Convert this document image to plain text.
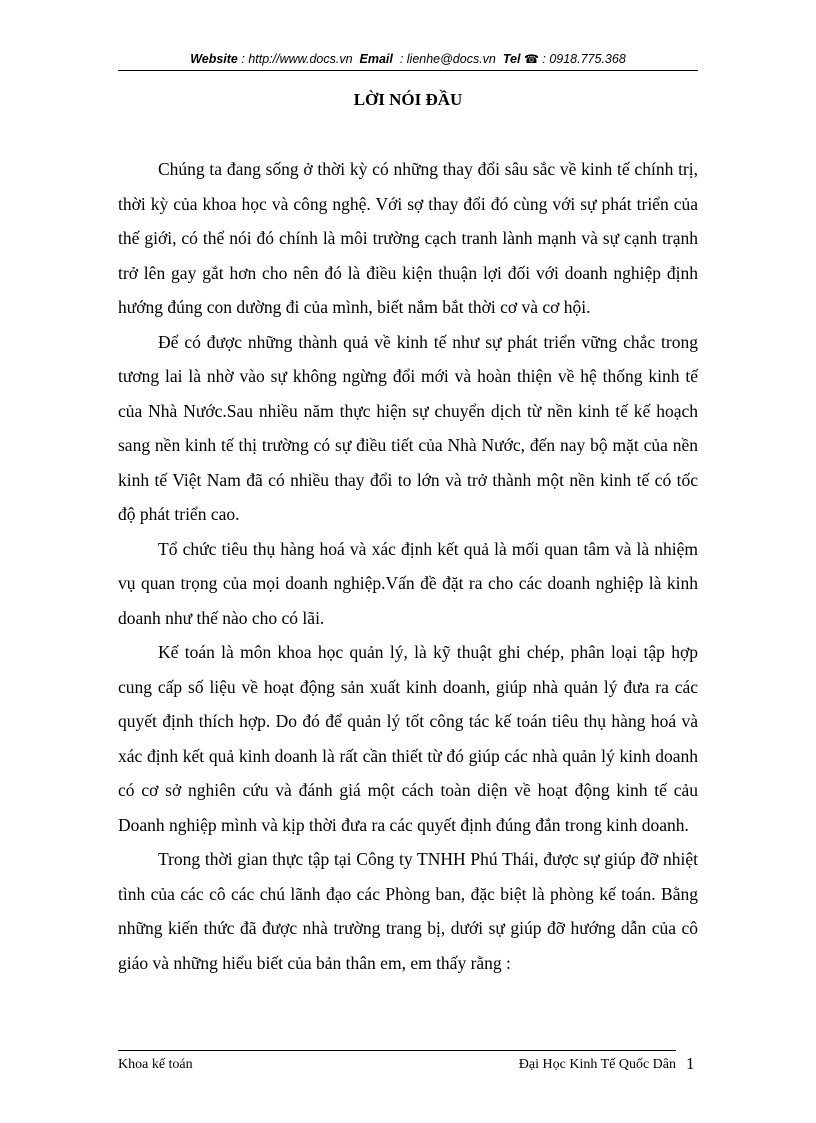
Website : http://www.docs.vn Email : lienhe@docs.vn Tel ☎ : 0918.775.368
LỜI NÓI ĐẦU

Chúng ta đang sống ở thời kỳ có những thay đổi sâu sắc về kinh tế chính trị, thời kỳ của khoa học và công nghệ. Với sợ thay đổi đó cùng với sự phát triển của thế giới, có thể nói đó chính là môi trường cạch tranh lành mạnh và sự cạnh trạnh trở lên gay gắt hơn cho nên đó là điều kiện thuận lợi đối với doanh nghiệp định hướng đúng con dường đi của mình, biết nắm bắt thời cơ và cơ hội.

Để có được những thành quả về kinh tế như sự phát triển vững chắc trong tương lai là nhờ vào sự không ngừng đổi mới và hoàn thiện về hệ thống kinh tế của Nhà Nước.Sau nhiều năm thực hiện sự chuyển dịch từ nền kinh tế kế hoạch sang nền kinh tế thị trường có sự điều tiết của Nhà Nước, đến nay bộ mặt của nền kinh tế Việt Nam đã có nhiều thay đổi to lớn và trở thành một nền kinh tế có tốc độ phát triển cao.

Tổ chức tiêu thụ hàng hoá và xác định kết quả là mối quan tâm và là nhiệm vụ quan trọng của mọi doanh nghiệp.Vấn đề đặt ra cho các doanh nghiệp là kinh doanh như thế nào cho có lãi.

Kế toán là môn khoa học quản lý, là kỹ thuật ghi chép, phân loại tập hợp cung cấp số liệu về hoạt động sản xuất kinh doanh, giúp nhà quản lý đưa ra các quyết định thích hợp. Do đó để quản lý tốt công tác kế toán tiêu thụ hàng hoá và xác định kết quả kinh doanh là rất cần thiết từ đó giúp các nhà quản lý kinh doanh có cơ sở nghiên cứu và đánh giá một cách toàn diện về hoạt động kinh tế cảu Doanh nghiệp mình và kịp thời đưa ra các quyết định đúng đắn trong kinh doanh.

Trong thời gian thực tập tại Công ty TNHH Phú Thái, được sự giúp đỡ nhiệt tình của các cô các chú lãnh đạo các Phòng ban, đặc biệt là phòng kế toán. Bằng những kiến thức đã được nhà trường trang bị, dưới sự giúp đỡ hướng dẫn của cô giáo và những hiểu biết của bản thân em, em thấy rằng :

Khoa kế toán	Đại Học Kinh Tế Quốc Dân 1
